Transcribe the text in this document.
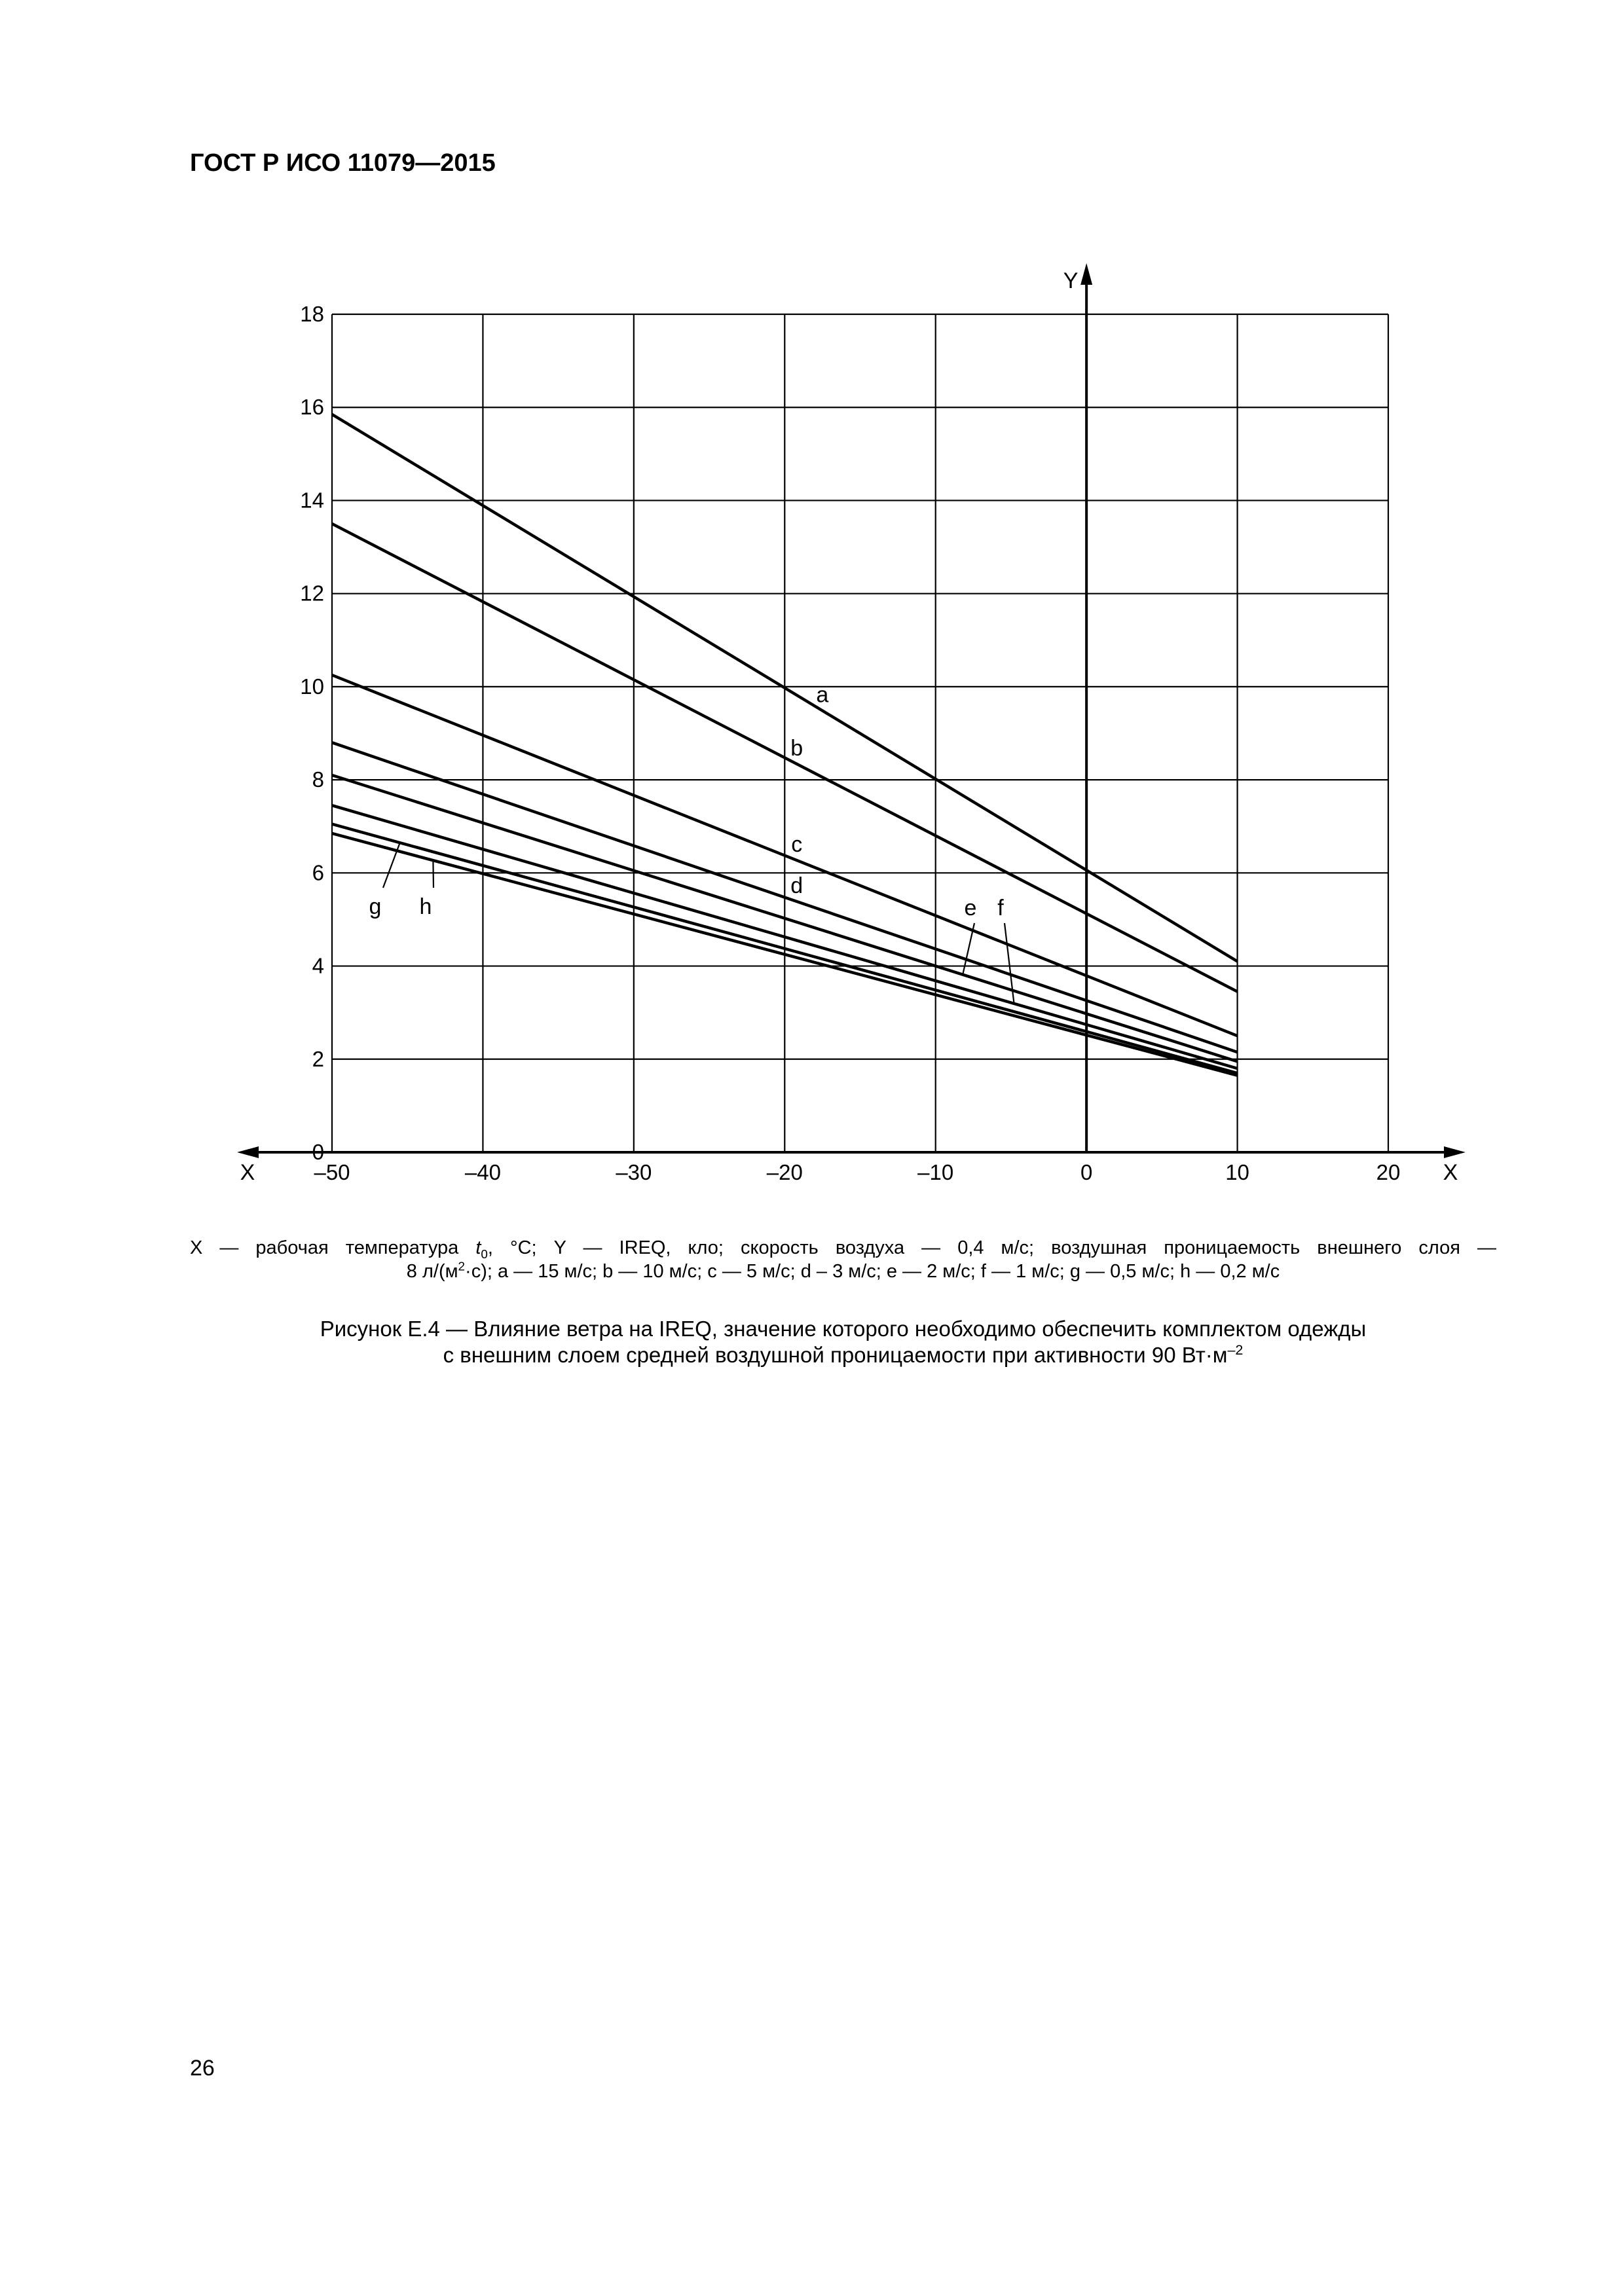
ГОСТ Р ИСО 11079—2015
–50	–40	–30	–20	–10	0	10	20
0
2
4
6
8
10
12
14
16
18
X
X
Y
a
b
c
d
e f
g h
X — рабочая температура $t_0$, °С; Y — IREQ, кло; скорость воздуха — 0,4 м/с; воздушная проницаемость внешнего слоя —
8 $л/(м^2\cdot с)$; a — 15 м/с; b — 10 м/с; c — 5 м/с; d – 3 м/с; e — 2 м/с; f — 1 м/с; g — 0,5 м/с; h — 0,2 м/с
Рисунок Е.4 — Влияние ветра на IREQ, значение которого необходимо обеспечить комплектом одежды
с внешним слоем средней воздушной проницаемости при активности 90 $Вт\cdot м^{-2}$
26
